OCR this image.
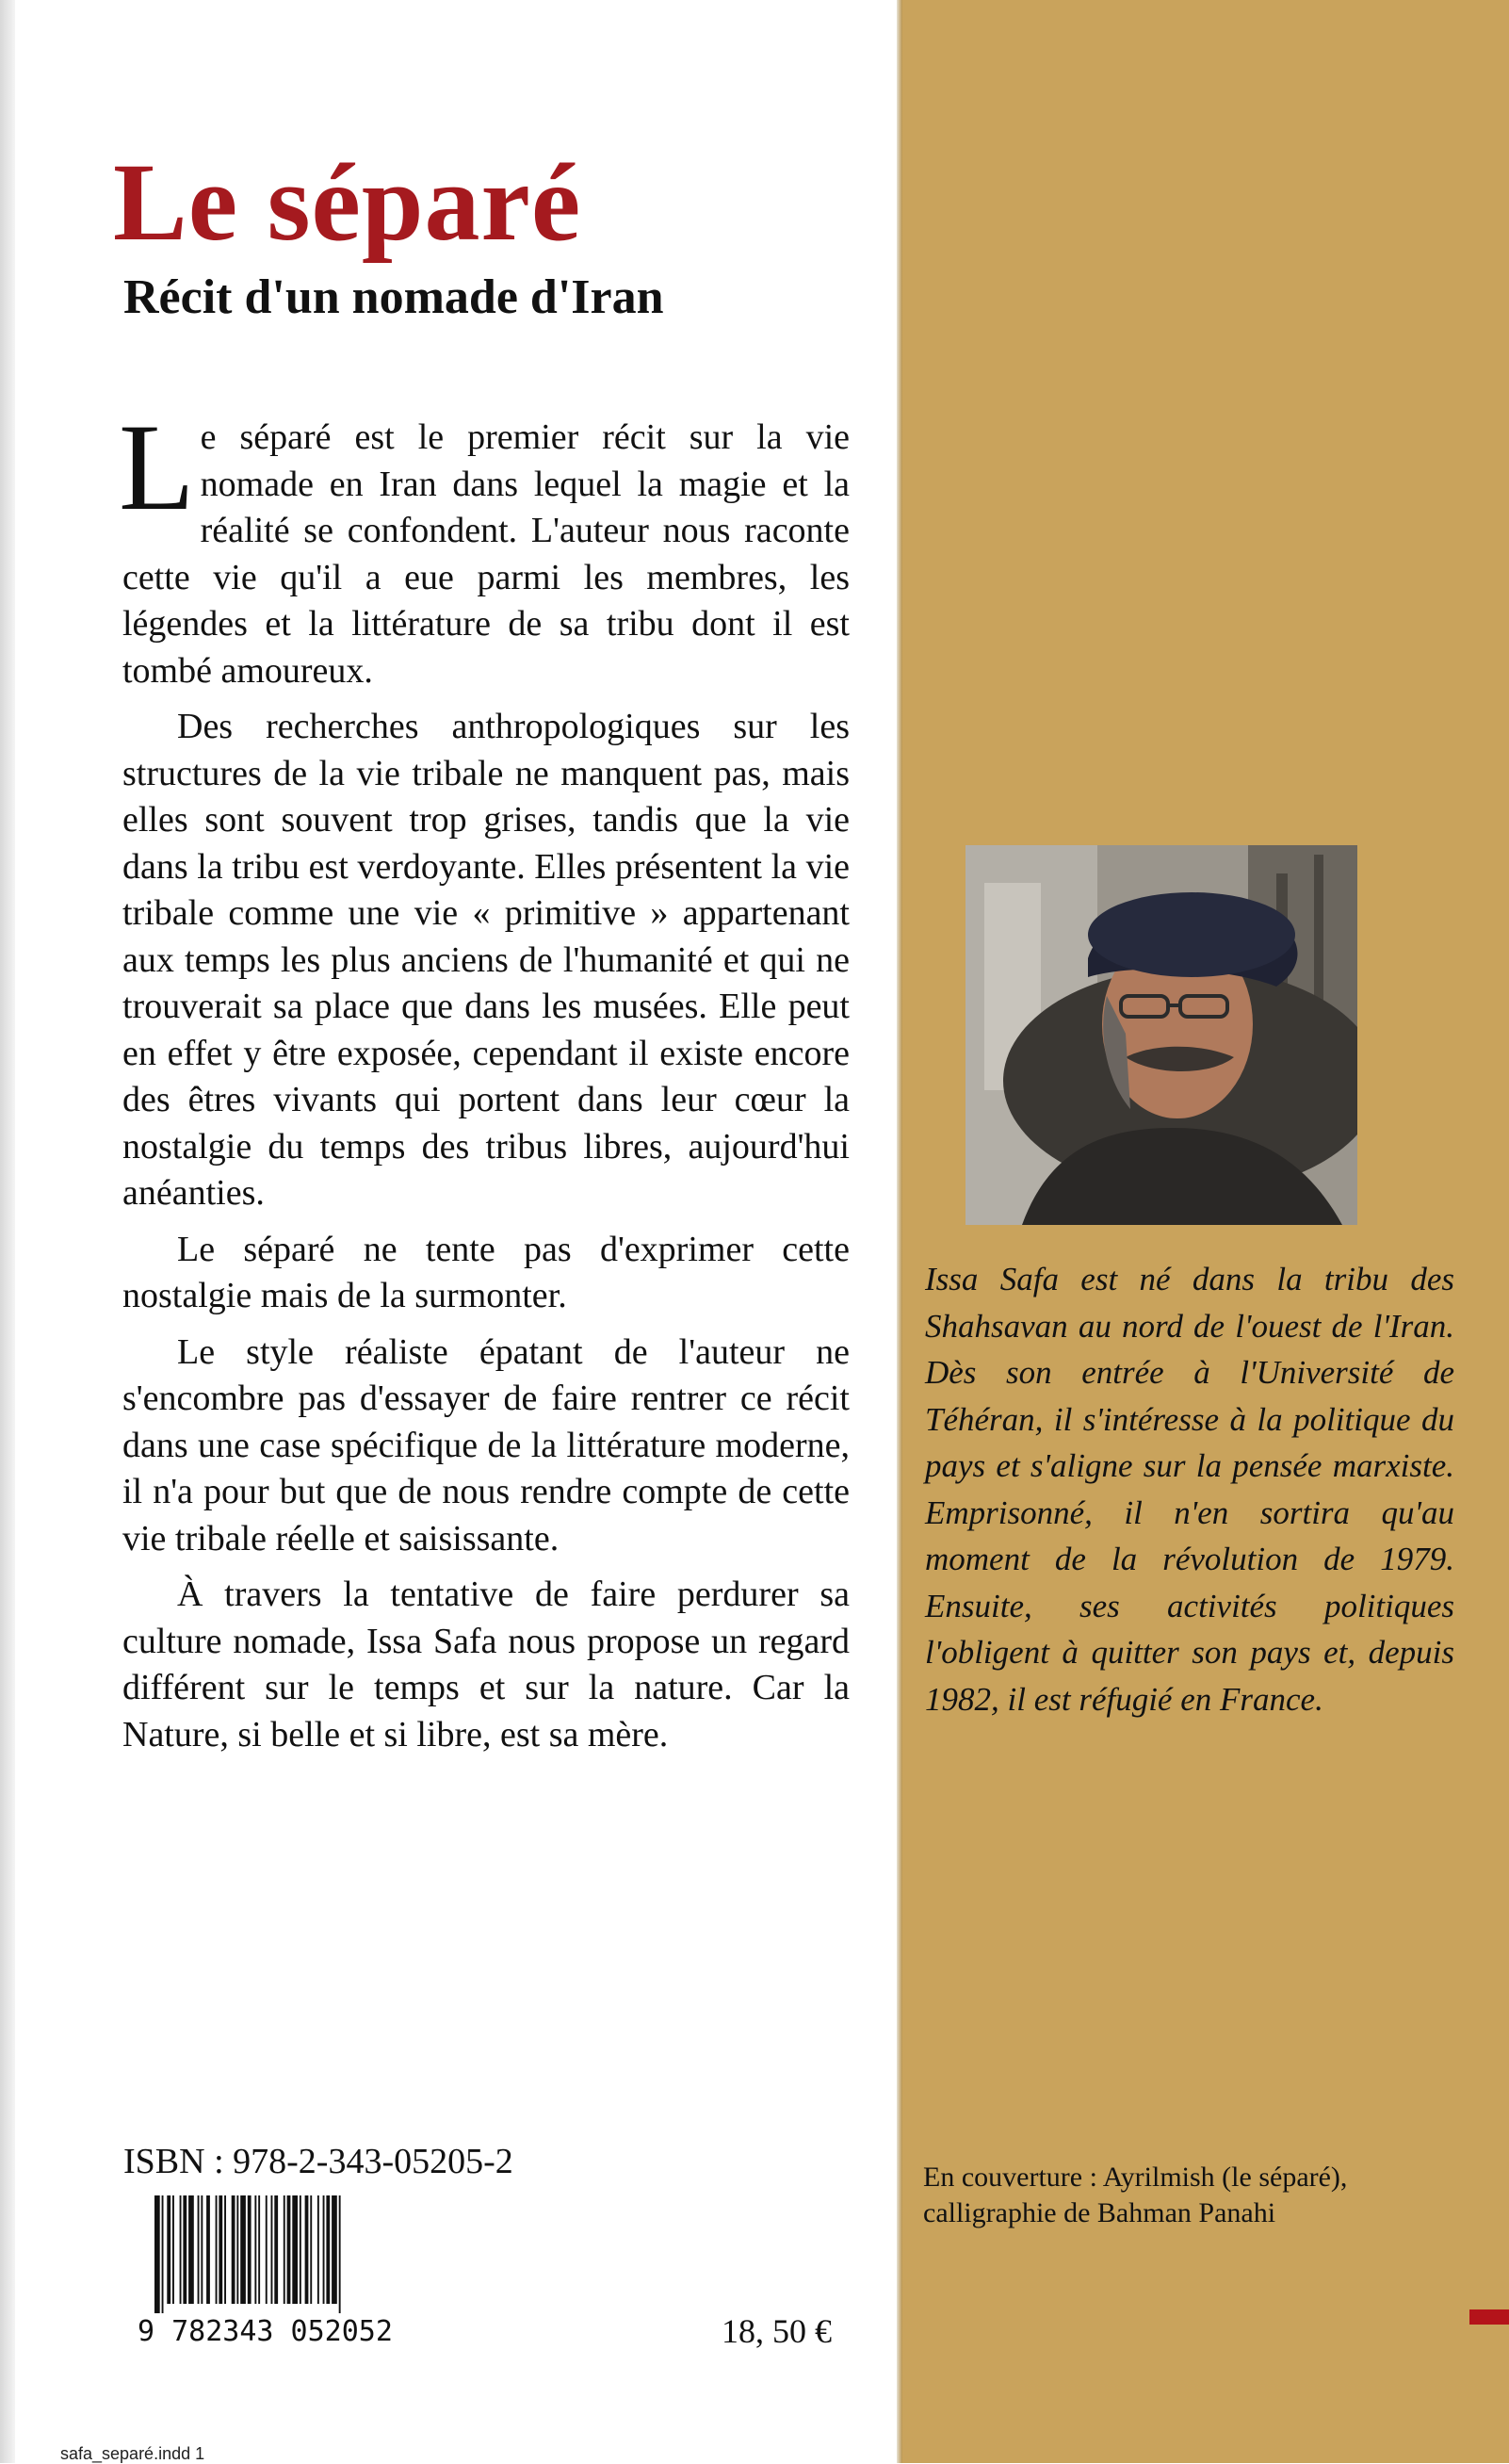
Le séparé
Récit d'un nomade d'Iran

Le séparé est le premier récit sur la vie nomade en Iran dans lequel la magie et la réalité se confondent. L'auteur nous raconte cette vie qu'il a eue parmi les membres, les légendes et la littérature de sa tribu dont il est tombé amoureux.

Des recherches anthropologiques sur les structures de la vie tribale ne manquent pas, mais elles sont souvent trop grises, tandis que la vie dans la tribu est verdoyante. Elles présentent la vie tribale comme une vie « primitive » appartenant aux temps les plus anciens de l'humanité et qui ne trouverait sa place que dans les musées. Elle peut en effet y être exposée, cependant il existe encore des êtres vivants qui portent dans leur cœur la nostalgie du temps des tribus libres, aujourd'hui anéanties.

Le séparé ne tente pas d'exprimer cette nostalgie mais de la surmonter.

Le style réaliste épatant de l'auteur ne s'encombre pas d'essayer de faire rentrer ce récit dans une case spécifique de la littérature moderne, il n'a pour but que de nous rendre compte de cette vie tribale réelle et saisissante.

À travers la tentative de faire perdurer sa culture nomade, Issa Safa nous propose un regard différent sur le temps et sur la nature. Car la Nature, si belle et si libre, est sa mère.

Issa Safa est né dans la tribu des Shahsavan au nord de l'ouest de l'Iran. Dès son entrée à l'Université de Téhéran, il s'intéresse à la politique du pays et s'aligne sur la pensée marxiste. Emprisonné, il n'en sortira qu'au moment de la révolution de 1979. Ensuite, ses activités politiques l'obligent à quitter son pays et, depuis 1982, il est réfugié en France.

En couverture : Ayrilmish (le séparé),
calligraphie de Bahman Panahi

ISBN : 978-2-343-05205-2

9 782343 052052	18, 50 €

safa_separé.indd 1
